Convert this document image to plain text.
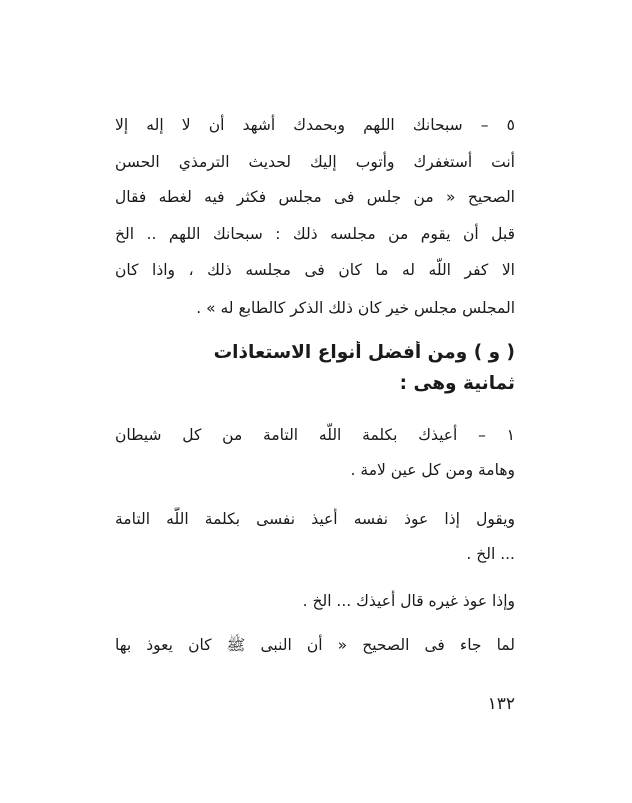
٥ – سبحانك اللهم وبحمدك أشهد أن لا إله إلا
أنت أستغفرك وأتوب إليك لحديث الترمذي الحسن
الصحيح « من جلس فى مجلس فكثر فيه لغطه فقال
قبل أن يقوم من مجلسه ذلك : سبحانك اللهم .. الخ
الا كفر اللّه له ما كان فى مجلسه ذلك ، واذا كان
المجلس مجلس خير كان ذلك الذكر كالطابع له » .
( و ) ومن أفضل أنواع الاستعاذات
ثمانية وهى :
١ – أعيذك بكلمة اللّه التامة من كل شيطان
وهامة ومن كل عين لامة .
ويقول إذا عوذ نفسه أعيذ نفسى بكلمة اللّه التامة
... الخ .
وإذا عوذ غيره قال أعيذك ... الخ .
لما جاء فى الصحيح « أن النبى ﷺ كان يعوذ بها
١٣٢
